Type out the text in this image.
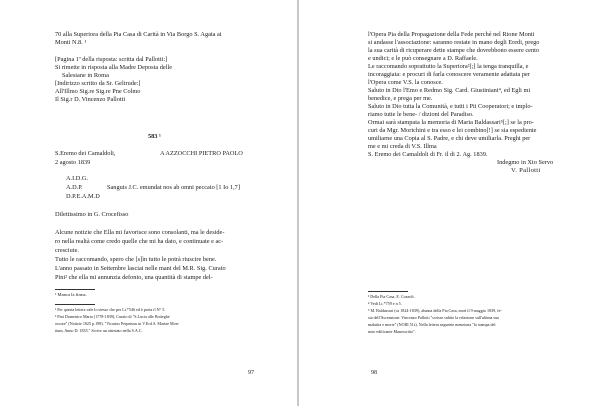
70 alla Superiora della Pia Casa di Carità in Via Borgo S. Agata ai
Monti N.8. ¹
[Pagina 1ª della risposta: scritta dal Pallotti:]
Si rimette in risposta alla Madre Deposta delle
Salesiane in Roma
[Indirizzo scritto da Sr. Geltrude:]
All'Illmo Sig.re Sig.re Pne Colmo
Il Sig.r D. Vincenzo Pallotti
583 ¹
S.Eremo dei Camaldoli,
2 agosto 1839
A AZZOCCHI PIETRO PAOLO
A.I.D.G.
A.D.P.
D.P.E.A.M.D
Sanguis J.C. emundat nos ab omni peccato [1 Io 1,7]
Dilettissimo in G. Crocefisso
Alcune notizie che Ella mi favorisce sono consolanti, ma le deside-
ro nella realtà come credo quelle che mi ha dato, e continuate e ac-
cresciute.
Tutto le raccomando, spero che [s]ìn tutto le potrà riuscire bene.
L'anno passato in Settembre lasciai nelle mani del M.R. Sig. Curato
Pini² che ella mi annunzia defonto, una quantità di stampe del-
¹ Manca la firma.
¹ Per questa lettera vale lo stesso che per Lt.*546 ed è porta il N° 5.
² Pini Domenico Maria (1778-1839), Curato di "S.Lucia alle Botteghe
oscure" (Notizie 1825 p.198). "Vicarius Perpetuus in V.Ecd.S. Martae Mon-
tium, Anno D. 1835." Scrive un attestato nella S.A.C.
97
l'Opera Pia della Propagazione della Fede perché nel Rione Monti
si andasse l'associazione: saranno restate in mano degli Eredi, prego
la sua carità di ricuperare dette stampe che dovrebbono essere cento
e undici; e le può consegnare a D. Raffaele.
Le raccomando soprattutto la Superiora²[;] la tenga tranquilla, e
incoraggiata: e procuri di farla conoscere veramente adattata per
l'Opera come V.S. la conosce.
Saluto in Dio l'Emo e Redmo Sig. Card. Giustiniani⁴, ed Egli mi
benedice, e prega per me.
Saluto in Dio tutta la Comunità, e tutti i Pii Cooperatori; e implo-
riamo tutte le bene- / dizioni del Paradiso.
Ormai sarà stampata la memoria di Maria Baldassari⁵[;] se la pro-
curi da Mgr. Morichini e tra esso e lei combino[!] se sia espediente
umiliarne una Copia al S. Padre, e chi deve umiliarla. Preghi per
me e mi creda di V.S. Illma
S. Eremo dei Camaldoli di Fr. il di 2. Ag. 1839.
Indegmo in Xto Servo
V. Pallotti
³ Della Pia Casa, E. Cozzoli.
⁴ Vedi Lt.*759 e n 5.
⁵ M. Baldassari (ca 1824-1839), alunna della Pia Casa, morì il 9 maggio 1839, fe-
sta dell'Ascensione. Vincenzo Pallotti "scrisse subito la relazione sull'ultima sua
malattia e morte" (NOIII 51s). Nella lettera seguente menziona "la stampa del
noto edificante Manoscritto".
98
